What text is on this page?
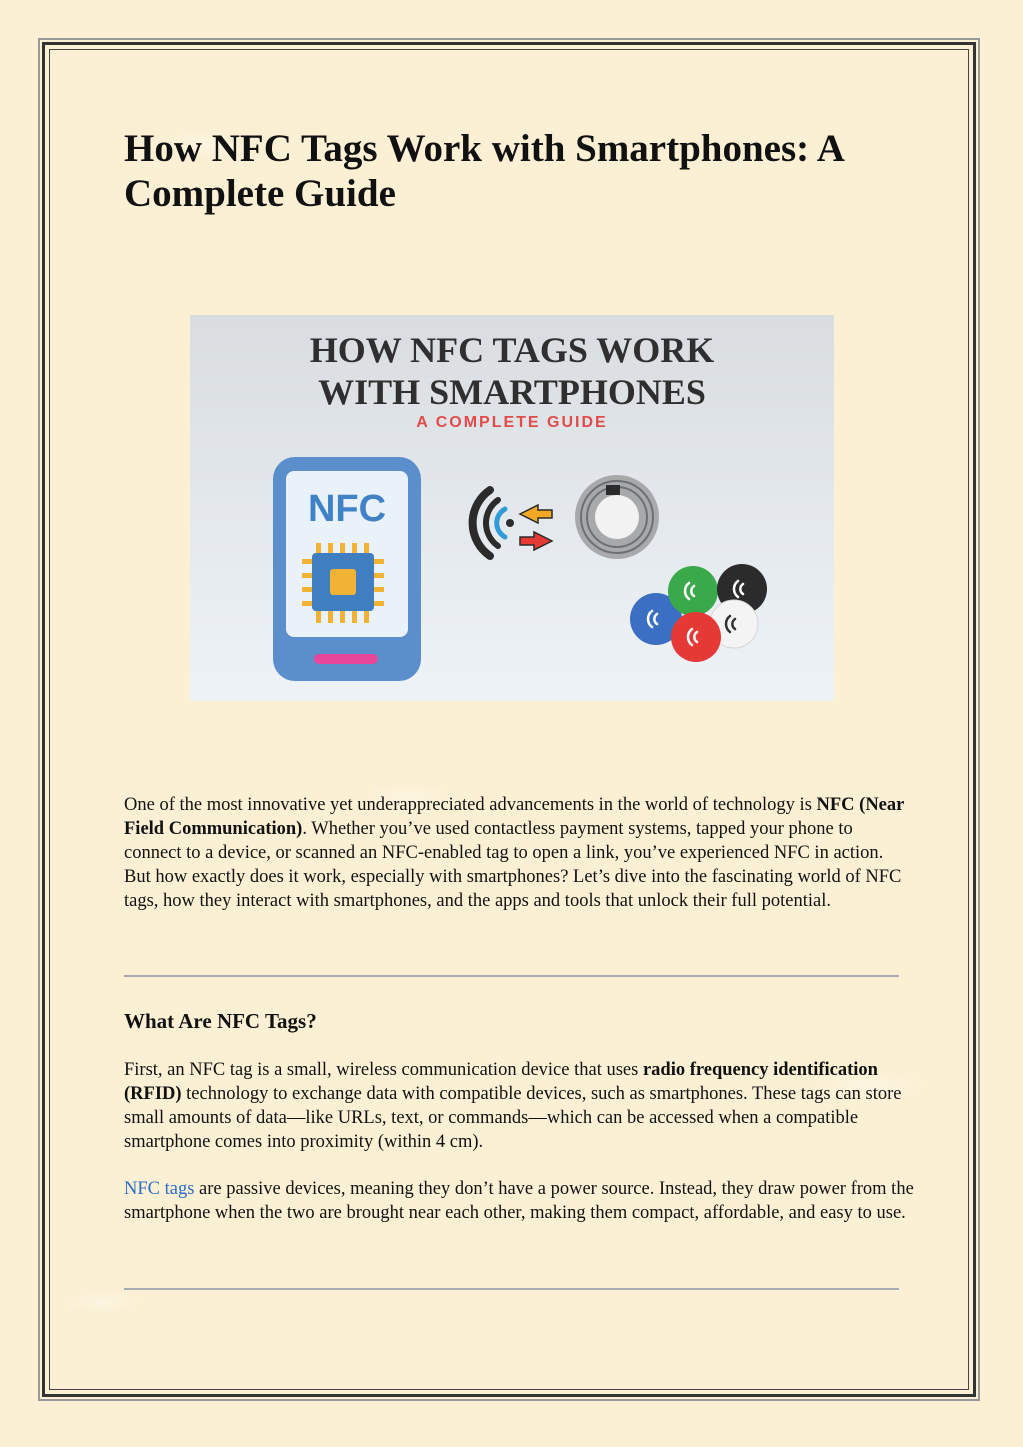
How NFC Tags Work with Smartphones: A Complete Guide
HOW NFC TAGS WORK
WITH SMARTPHONES
A COMPLETE GUIDE
NFC

One of the most innovative yet underappreciated advancements in the world of technology is NFC (Near Field Communication). Whether you’ve used contactless payment systems, tapped your phone to connect to a device, or scanned an NFC-enabled tag to open a link, you’ve experienced NFC in action. But how exactly does it work, especially with smartphones? Let’s dive into the fascinating world of NFC tags, how they interact with smartphones, and the apps and tools that unlock their full potential.

What Are NFC Tags?

First, an NFC tag is a small, wireless communication device that uses radio frequency identification (RFID) technology to exchange data with compatible devices, such as smartphones. These tags can store small amounts of data—like URLs, text, or commands—which can be accessed when a compatible smartphone comes into proximity (within 4 cm).

NFC tags are passive devices, meaning they don’t have a power source. Instead, they draw power from the smartphone when the two are brought near each other, making them compact, affordable, and easy to use.
